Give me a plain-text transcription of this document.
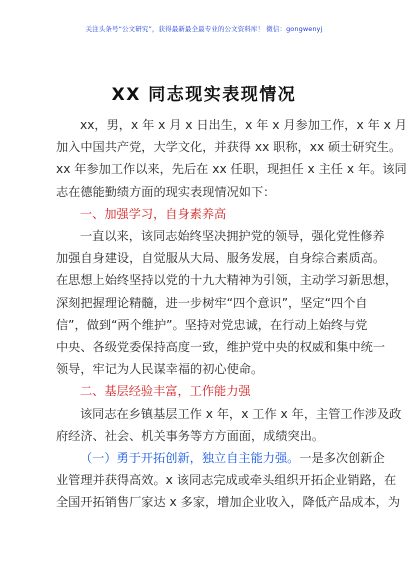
关注头条号“公文研究”，获得最新最全最专业的公文资料库！ 微信：gongwenyj
XX 同志现实表现情况

xx，男，x 年 x 月 x 日出生，x 年 x 月参加工作，x 年 x 月

加入中国共产党，大学文化，并获得 xx 职称，xx 硕士研究生。

xx 年参加工作以来，先后在 xx 任职，现担任 x 主任 x 年。该同

志在德能勤绩方面的现实表现情况如下：

一、加强学习，自身素养高

一直以来，该同志始终坚决拥护党的领导，强化党性修养

加强自身建设，自觉服从大局、服务发展，自身综合素质高。

在思想上始终坚持以党的十九大精神为引领，主动学习新思想，

深刻把握理论精髓，进一步树牢“四个意识”，坚定“四个自

信”，做到“两个维护”。坚持对党忠诚，在行动上始终与党

中央、各级党委保持高度一致，维护党中央的权威和集中统一

领导，牢记为人民谋幸福的初心使命。

二、基层经验丰富，工作能力强

该同志在乡镇基层工作 x 年，x 工作 x 年，主管工作涉及政

府经济、社会、机关事务等方方面面，成绩突出。

（一）勇于开拓创新，独立自主能力强。一是多次创新企

业管理并获得高效。x 该同志完成或牵头组织开拓企业销路，在

全国开拓销售厂家达 x 多家，增加企业收入，降低产品成本，为
